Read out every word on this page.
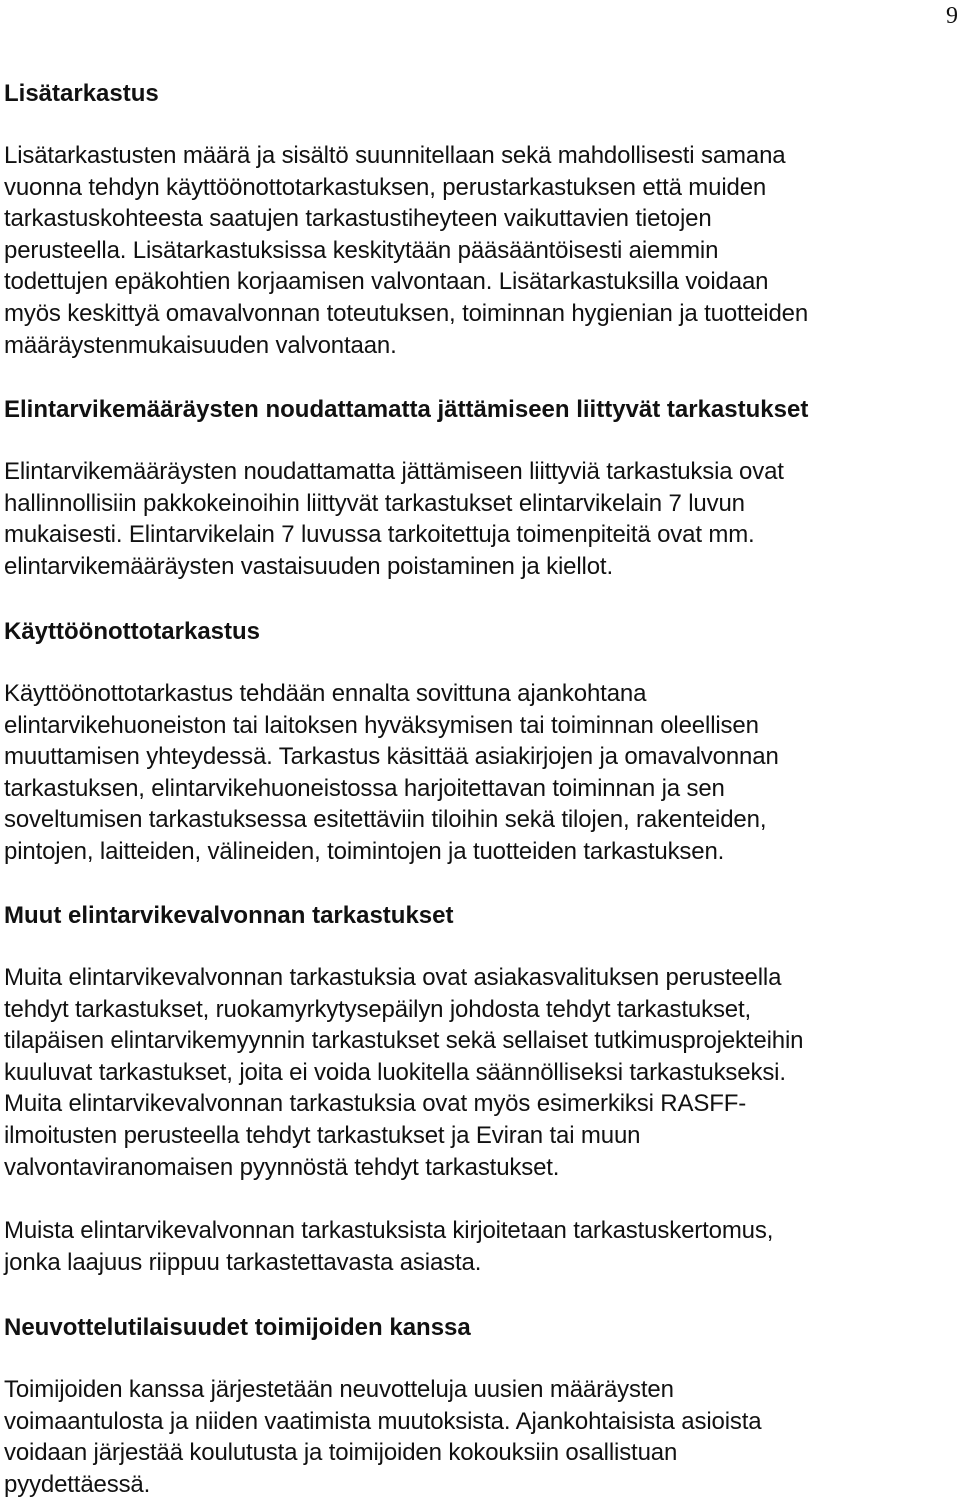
9
Lisätarkastus

Lisätarkastusten määrä ja sisältö suunnitellaan sekä mahdollisesti samana
vuonna tehdyn käyttöönottotarkastuksen, perustarkastuksen että muiden
tarkastuskohteesta saatujen tarkastustiheyteen vaikuttavien tietojen
perusteella. Lisätarkastuksissa keskitytään pääsääntöisesti aiemmin
todettujen epäkohtien korjaamisen valvontaan. Lisätarkastuksilla voidaan
myös keskittyä omavalvonnan toteutuksen, toiminnan hygienian ja tuotteiden
määräystenmukaisuuden valvontaan.

Elintarvikemääräysten noudattamatta jättämiseen liittyvät tarkastukset

Elintarvikemääräysten noudattamatta jättämiseen liittyviä tarkastuksia ovat
hallinnollisiin pakkokeinoihin liittyvät tarkastukset elintarvikelain 7 luvun
mukaisesti. Elintarvikelain 7 luvussa tarkoitettuja toimenpiteitä ovat mm.
elintarvikemääräysten vastaisuuden poistaminen ja kiellot.

Käyttöönottotarkastus

Käyttöönottotarkastus tehdään ennalta sovittuna ajankohtana
elintarvikehuoneiston tai laitoksen hyväksymisen tai toiminnan oleellisen
muuttamisen yhteydessä. Tarkastus käsittää asiakirjojen ja omavalvonnan
tarkastuksen, elintarvikehuoneistossa harjoitettavan toiminnan ja sen
soveltumisen tarkastuksessa esitettäviin tiloihin sekä tilojen, rakenteiden,
pintojen, laitteiden, välineiden, toimintojen ja tuotteiden tarkastuksen.

Muut elintarvikevalvonnan tarkastukset

Muita elintarvikevalvonnan tarkastuksia ovat asiakasvalituksen perusteella
tehdyt tarkastukset, ruokamyrkytysepäilyn johdosta tehdyt tarkastukset,
tilapäisen elintarvikemyynnin tarkastukset sekä sellaiset tutkimusprojekteihin
kuuluvat tarkastukset, joita ei voida luokitella säännölliseksi tarkastukseksi.
Muita elintarvikevalvonnan tarkastuksia ovat myös esimerkiksi RASFF-
ilmoitusten perusteella tehdyt tarkastukset ja Eviran tai muun
valvontaviranomaisen pyynnöstä tehdyt tarkastukset.

Muista elintarvikevalvonnan tarkastuksista kirjoitetaan tarkastuskertomus,
jonka laajuus riippuu tarkastettavasta asiasta.

Neuvottelutilaisuudet toimijoiden kanssa

Toimijoiden kanssa järjestetään neuvotteluja uusien määräysten
voimaantulosta ja niiden vaatimista muutoksista. Ajankohtaisista asioista
voidaan järjestää koulutusta ja toimijoiden kokouksiin osallistuan
pyydettäessä.
